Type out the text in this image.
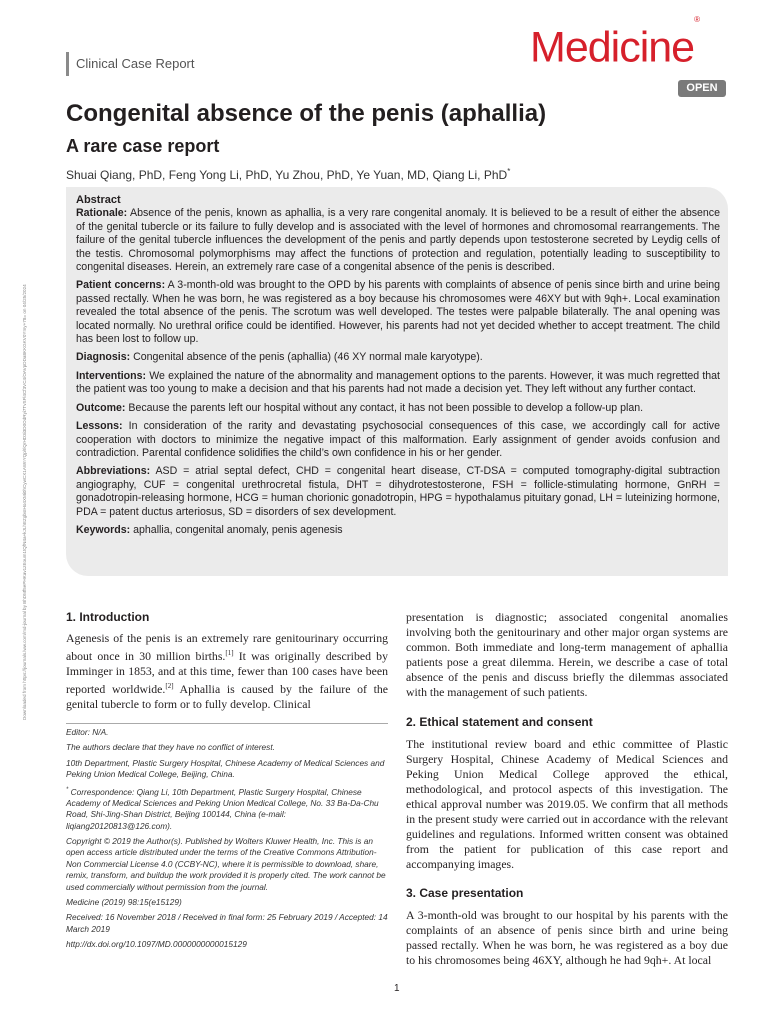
Clinical Case Report	Medicine®
OPEN
Congenital absence of the penis (aphallia)
A rare case report
Shuai Qiang, PhD, Feng Yong Li, PhD, Yu Zhou, PhD, Ye Yuan, MD, Qiang Li, PhD*
Abstract

Rationale: Absence of the penis, known as aphallia, is a very rare congenital anomaly. It is believed to be a result of either the absence of the genital tubercle or its failure to fully develop and is associated with the level of hormones and chromosomal rearrangements. The failure of the genital tubercle influences the development of the penis and partly depends upon testosterone secreted by Leydig cells of the testis. Chromosomal polymorphisms may affect the functions of protection and regulation, potentially leading to susceptibility to congenital diseases. Herein, an extremely rare case of a congenital absence of the penis is described.

Patient concerns: A 3-month-old was brought to the OPD by his parents with complaints of absence of penis since birth and urine being passed rectally. When he was born, he was registered as a boy because his chromosomes were 46XY but with 9qh+. Local examination revealed the total absence of the penis. The scrotum was well developed. The testes were palpable bilaterally. The anal opening was located normally. No urethral orifice could be identified. However, his parents had not yet decided whether to accept treatment. The child has been lost to follow up.

Diagnosis: Congenital absence of the penis (aphallia) (46 XY normal male karyotype).

Interventions: We explained the nature of the abnormality and management options to the parents. However, it was much regretted that the patient was too young to make a decision and that his parents had not made a decision yet. They left without any further contact.

Outcome: Because the parents left our hospital without any contact, it has not been possible to develop a follow-up plan.

Lessons: In consideration of the rarity and devastating psychosocial consequences of this case, we accordingly call for active cooperation with doctors to minimize the negative impact of this malformation. Early assignment of gender avoids confusion and contradiction. Parental confidence solidifies the child’s own confidence in his or her gender.

Abbreviations: ASD = atrial septal defect, CHD = congenital heart disease, CT-DSA = computed tomography-digital subtraction angiography, CUF = congenital urethrocretal fistula, DHT = dihydrotestosterone, FSH = follicle-stimulating hormone, GnRH = gonadotropin-releasing hormone, HCG = human chorionic gonadotropin, HPG = hypothalamus pituitary gonad, LH = luteinizing hormone, PDA = patent ductus arteriosus, SD = disorders of sex development.

Keywords: aphallia, congenital anomaly, penis agenesis

Downloaded from https://journals.lww.com/md-journal by BhDMf5ePHKav1zEoum1tQfN4a+kJLhEZgbsIHo4XMi0hCywCX1AWnYQp/IlQrHD3i3D0OdRyi7TvSFl4Cf3VC4/OAVpDDa8KKGKV0Ymy+78= on 04/25/2024	1. Introduction

Agenesis of the penis is an extremely rare genitourinary occurring about once in 30 million births.[1] It was originally described by Imminger in 1853, and at this time, fewer than 100 cases have been reported worldwide.[2] Aphallia is caused by the failure of the genital tubercle to form or to fully develop. Clinical

Editor: N/A.

The authors declare that they have no conflict of interest.

10th Department, Plastic Surgery Hospital, Chinese Academy of Medical Sciences and Peking Union Medical College, Beijing, China.

* Correspondence: Qiang Li, 10th Department, Plastic Surgery Hospital, Chinese Academy of Medical Sciences and Peking Union Medical College, No. 33 Ba-Da-Chu Road, Shi-Jing-Shan District, Beijing 100144, China (e-mail: liqiang20120813@126.com).

Copyright © 2019 the Author(s). Published by Wolters Kluwer Health, Inc. This is an open access article distributed under the terms of the Creative Commons Attribution-Non Commercial License 4.0 (CCBY-NC), where it is permissible to download, share, remix, transform, and buildup the work provided it is properly cited. The work cannot be used commercially without permission from the journal.

Medicine (2019) 98:15(e15129)

Received: 16 November 2018 / Received in final form: 25 February 2019 / Accepted: 14 March 2019

http://dx.doi.org/10.1097/MD.0000000000015129

presentation is diagnostic; associated congenital anomalies involving both the genitourinary and other major organ systems are common. Both immediate and long-term management of aphallia patients pose a great dilemma. Herein, we describe a case of total absence of the penis and discuss briefly the dilemmas associated with the management of such patients.

2. Ethical statement and consent

The institutional review board and ethic committee of Plastic Surgery Hospital, Chinese Academy of Medical Sciences and Peking Union Medical College approved the ethical, methodological, and protocol aspects of this investigation. The ethical approval number was 2019.05. We confirm that all methods in the present study were carried out in accordance with the relevant guidelines and regulations. Informed written consent was obtained from the patient for publication of this case report and accompanying images.

3. Case presentation

A 3-month-old was brought to our hospital by his parents with the complaints of an absence of penis since birth and urine being passed rectally. When he was born, he was registered as a boy due to his chromosomes being 46XY, although he had 9qh+. At local

1
